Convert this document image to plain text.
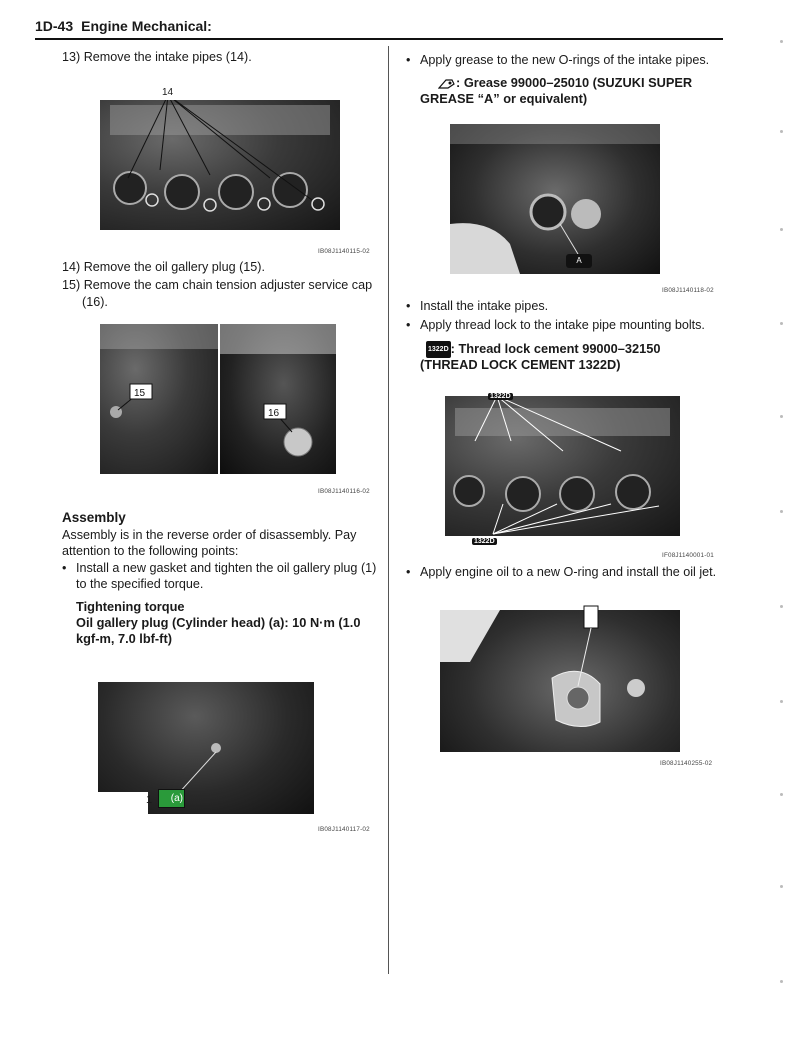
1D-43 Engine Mechanical:
13) Remove the intake pipes (14).
14
IB08J1140115-02
14) Remove the oil gallery plug (15).
15) Remove the cam chain tension adjuster service cap
(16).
15
16
IB08J1140116-02
Assembly
Assembly is in the reverse order of disassembly. Pay
attention to the following points:
• Install a new gasket and tighten the oil gallery plug (1)
to the specified torque.
Tightening torque
Oil gallery plug (Cylinder head) (a): 10 N·m (1.0
kgf-m, 7.0 lbf-ft)
1	(a)
IB08J1140117-02
• Apply grease to the new O-rings of the intake pipes.
: Grease 99000–25010 (SUZUKI SUPER
GREASE “A” or equivalent)
A
IB08J1140118-02
• Install the intake pipes.
• Apply thread lock to the intake pipe mounting bolts.
1322D : Thread lock cement 99000–32150
(THREAD LOCK CEMENT 1322D)
1322D
1322D
IF08J1140001-01
• Apply engine oil to a new O-ring and install the oil jet.
IB08J1140255-02
